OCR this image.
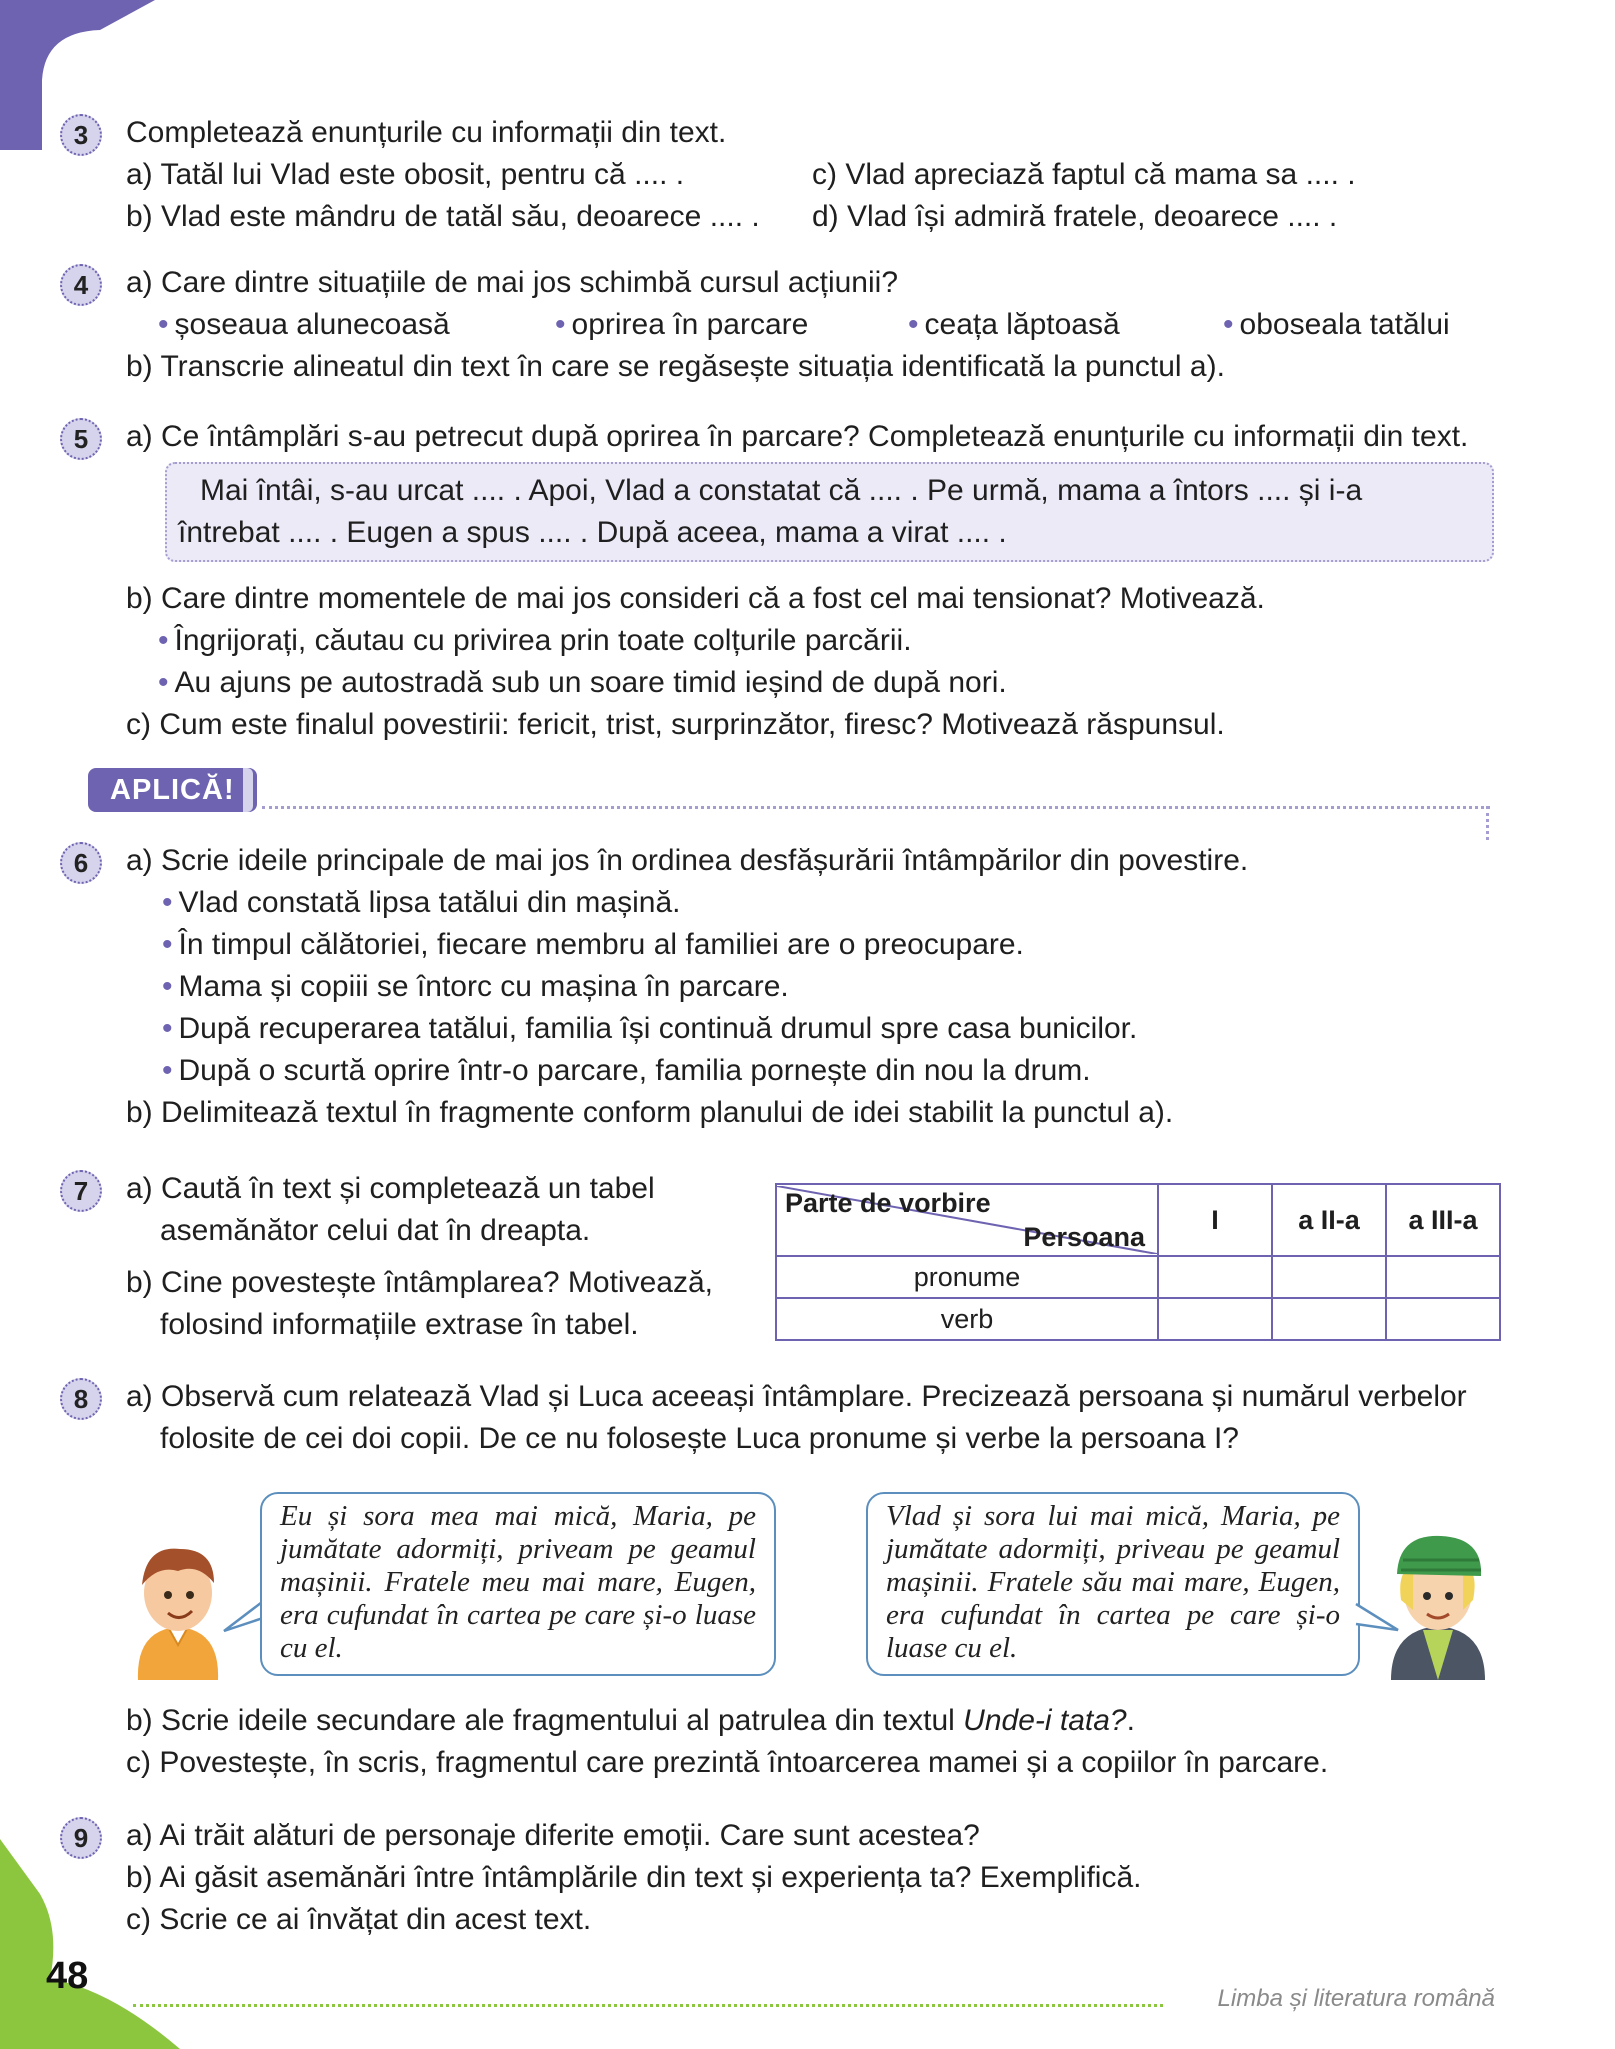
3	Completează enunțurile cu informații din text.
a) Tatăl lui Vlad este obosit, pentru că .... .
b) Vlad este mândru de tatăl său, deoarece .... .
c) Vlad apreciază faptul că mama sa .... .
d) Vlad își admiră fratele, deoarece .... .
4	a) Care dintre situațiile de mai jos schimbă cursul acțiunii?
• șoseaua alunecoasă	• oprirea în parcare	• ceața lăptoasă	• oboseala tatălui
b) Transcrie alineatul din text în care se regăsește situația identificată la punctul a).
5	a) Ce întâmplări s-au petrecut după oprirea în parcare? Completează enunțurile cu informații din text.
Mai întâi, s-au urcat .... . Apoi, Vlad a constatat că .... . Pe urmă, mama a întors .... și i-a
întrebat .... . Eugen a spus .... . După aceea, mama a virat .... .
b) Care dintre momentele de mai jos consideri că a fost cel mai tensionat? Motivează.
• Îngrijorați, căutau cu privirea prin toate colțurile parcării.
• Au ajuns pe autostradă sub un soare timid ieșind de după nori.
c) Cum este finalul povestirii: fericit, trist, surprinzător, firesc? Motivează răspunsul.
APLICĂ!
6	a) Scrie ideile principale de mai jos în ordinea desfășurării întâmpărilor din povestire.
• Vlad constată lipsa tatălui din mașină.
• În timpul călătoriei, fiecare membru al familiei are o preocupare.
• Mama și copiii se întorc cu mașina în parcare.
• După recuperarea tatălui, familia își continuă drumul spre casa bunicilor.
• După o scurtă oprire într-o parcare, familia pornește din nou la drum.
b) Delimitează textul în fragmente conform planului de idei stabilit la punctul a).
7	a) Caută în text și completează un tabel
asemănător celui dat în dreapta.
b) Cine povestește întâmplarea? Motivează,
folosind informațiile extrase în tabel.
Parte de vorbire
Persoana	I	a II-a	a III-a
pronume			
verb			
8	a) Observă cum relatează Vlad și Luca aceeași întâmplare. Precizează persoana și numărul verbelor
folosite de cei doi copii. De ce nu folosește Luca pronume și verbe la persoana I?
Eu și sora mea mai mică, Maria, pe jumătate adormiți, priveam pe geamul mașinii. Fratele meu mai mare, Eugen, era cufundat în cartea pe care și-o luase cu el.
Vlad și sora lui mai mică, Maria, pe jumătate adormiți, priveau pe geamul mașinii. Fratele său mai mare, Eugen, era cufundat în cartea pe care și-o luase cu el.
b) Scrie ideile secundare ale fragmentului al patrulea din textul Unde-i tata?.
c) Povestește, în scris, fragmentul care prezintă întoarcerea mamei și a copiilor în parcare.
9	a) Ai trăit alături de personaje diferite emoții. Care sunt acestea?
b) Ai găsit asemănări între întâmplările din text și experiența ta? Exemplifică.
c) Scrie ce ai învățat din acest text.
48
Limba și literatura română
